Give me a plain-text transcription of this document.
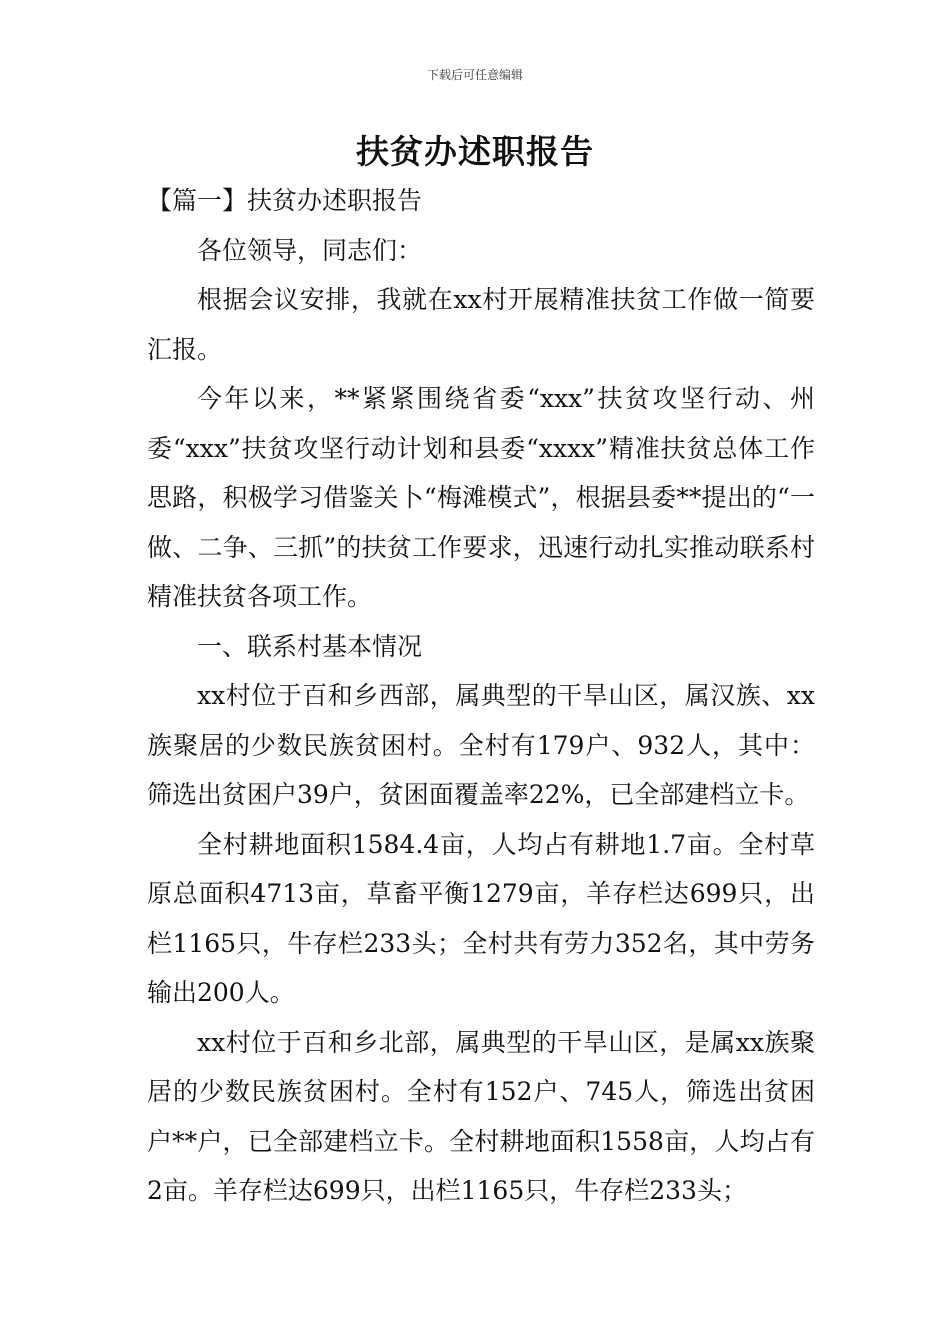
下载后可任意编辑
扶贫办述职报告

【篇一】扶贫办述职报告

各位领导，同志们：

根据会议安排，我就在xx村开展精准扶贫工作做一简要汇报。

今年以来，**紧紧围绕省委“xxx”扶贫攻坚行动、州委“xxx”扶贫攻坚行动计划和县委“xxxx”精准扶贫总体工作思路，积极学习借鉴关卜“梅滩模式”，根据县委**提出的“一做、二争、三抓”的扶贫工作要求，迅速行动扎实推动联系村精准扶贫各项工作。

一、联系村基本情况

xx村位于百和乡西部，属典型的干旱山区，属汉族、xx族聚居的少数民族贫困村。全村有179户、932人，其中：筛选出贫困户39户，贫困面覆盖率22%，已全部建档立卡。

全村耕地面积1584.4亩，人均占有耕地1.7亩。全村草原总面积4713亩，草畜平衡1279亩，羊存栏达699只，出栏1165只，牛存栏233头；全村共有劳力352名，其中劳务输出200人。

xx村位于百和乡北部，属典型的干旱山区，是属xx族聚居的少数民族贫困村。全村有152户、745人，筛选出贫困户**户，已全部建档立卡。全村耕地面积1558亩，人均占有2亩。羊存栏达699只，出栏1165只，牛存栏233头；
